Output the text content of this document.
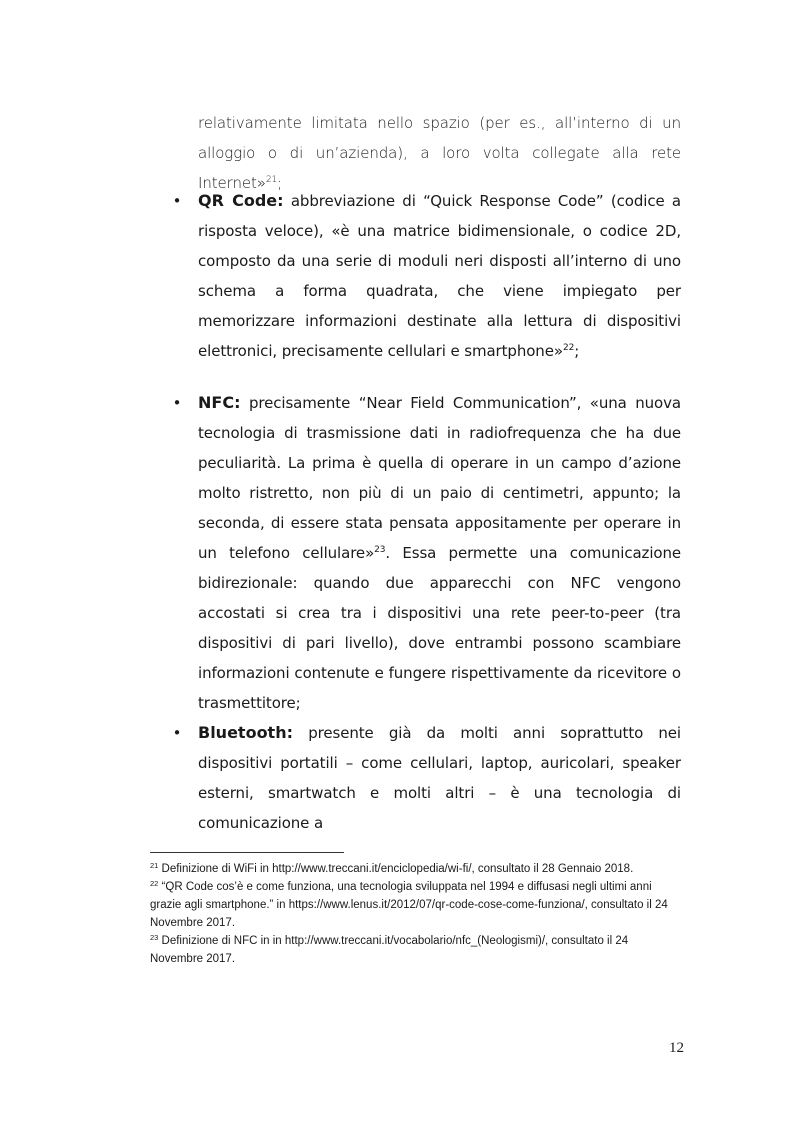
relativamente limitata nello spazio (per es., all’interno di un alloggio o di un’azienda), a loro volta collegate alla rete Internet»$^{21}$;
• QR Code: abbreviazione di “Quick Response Code” (codice a risposta veloce), «è una matrice bidimensionale, o codice 2D, composto da una serie di moduli neri disposti all’interno di uno schema a forma quadrata, che viene impiegato per memorizzare informazioni destinate alla lettura di dispositivi elettronici, precisamente cellulari e smartphone»$^{22}$;
• NFC: precisamente “Near Field Communication”, «una nuova tecnologia di trasmissione dati in radiofrequenza che ha due peculiarità. La prima è quella di operare in un campo d’azione molto ristretto, non più di un paio di centimetri, appunto; la seconda, di essere stata pensata appositamente per operare in un telefono cellulare»$^{23}$. Essa permette una comunicazione bidirezionale: quando due apparecchi con NFC vengono accostati si crea tra i dispositivi una rete peer-to-peer (tra dispositivi di pari livello), dove entrambi possono scambiare informazioni contenute e fungere rispettivamente da ricevitore o trasmettitore;
• Bluetooth: presente già da molti anni soprattutto nei dispositivi portatili – come cellulari, laptop, auricolari, speaker esterni, smartwatch e molti altri – è una tecnologia di comunicazione a

$^{21}$ Definizione di WiFi in http://www.treccani.it/enciclopedia/wi-fi/, consultato il 28 Gennaio 2018.

$^{22}$ “QR Code cos’è e come funziona, una tecnologia sviluppata nel 1994 e diffusasi negli ultimi anni grazie agli smartphone.” in https://www.lenus.it/2012/07/qr-code-cose-come-funziona/, consultato il 24 Novembre 2017.

$^{23}$ Definizione di NFC in in http://www.treccani.it/vocabolario/nfc_(Neologismi)/, consultato il 24 Novembre 2017.

12
